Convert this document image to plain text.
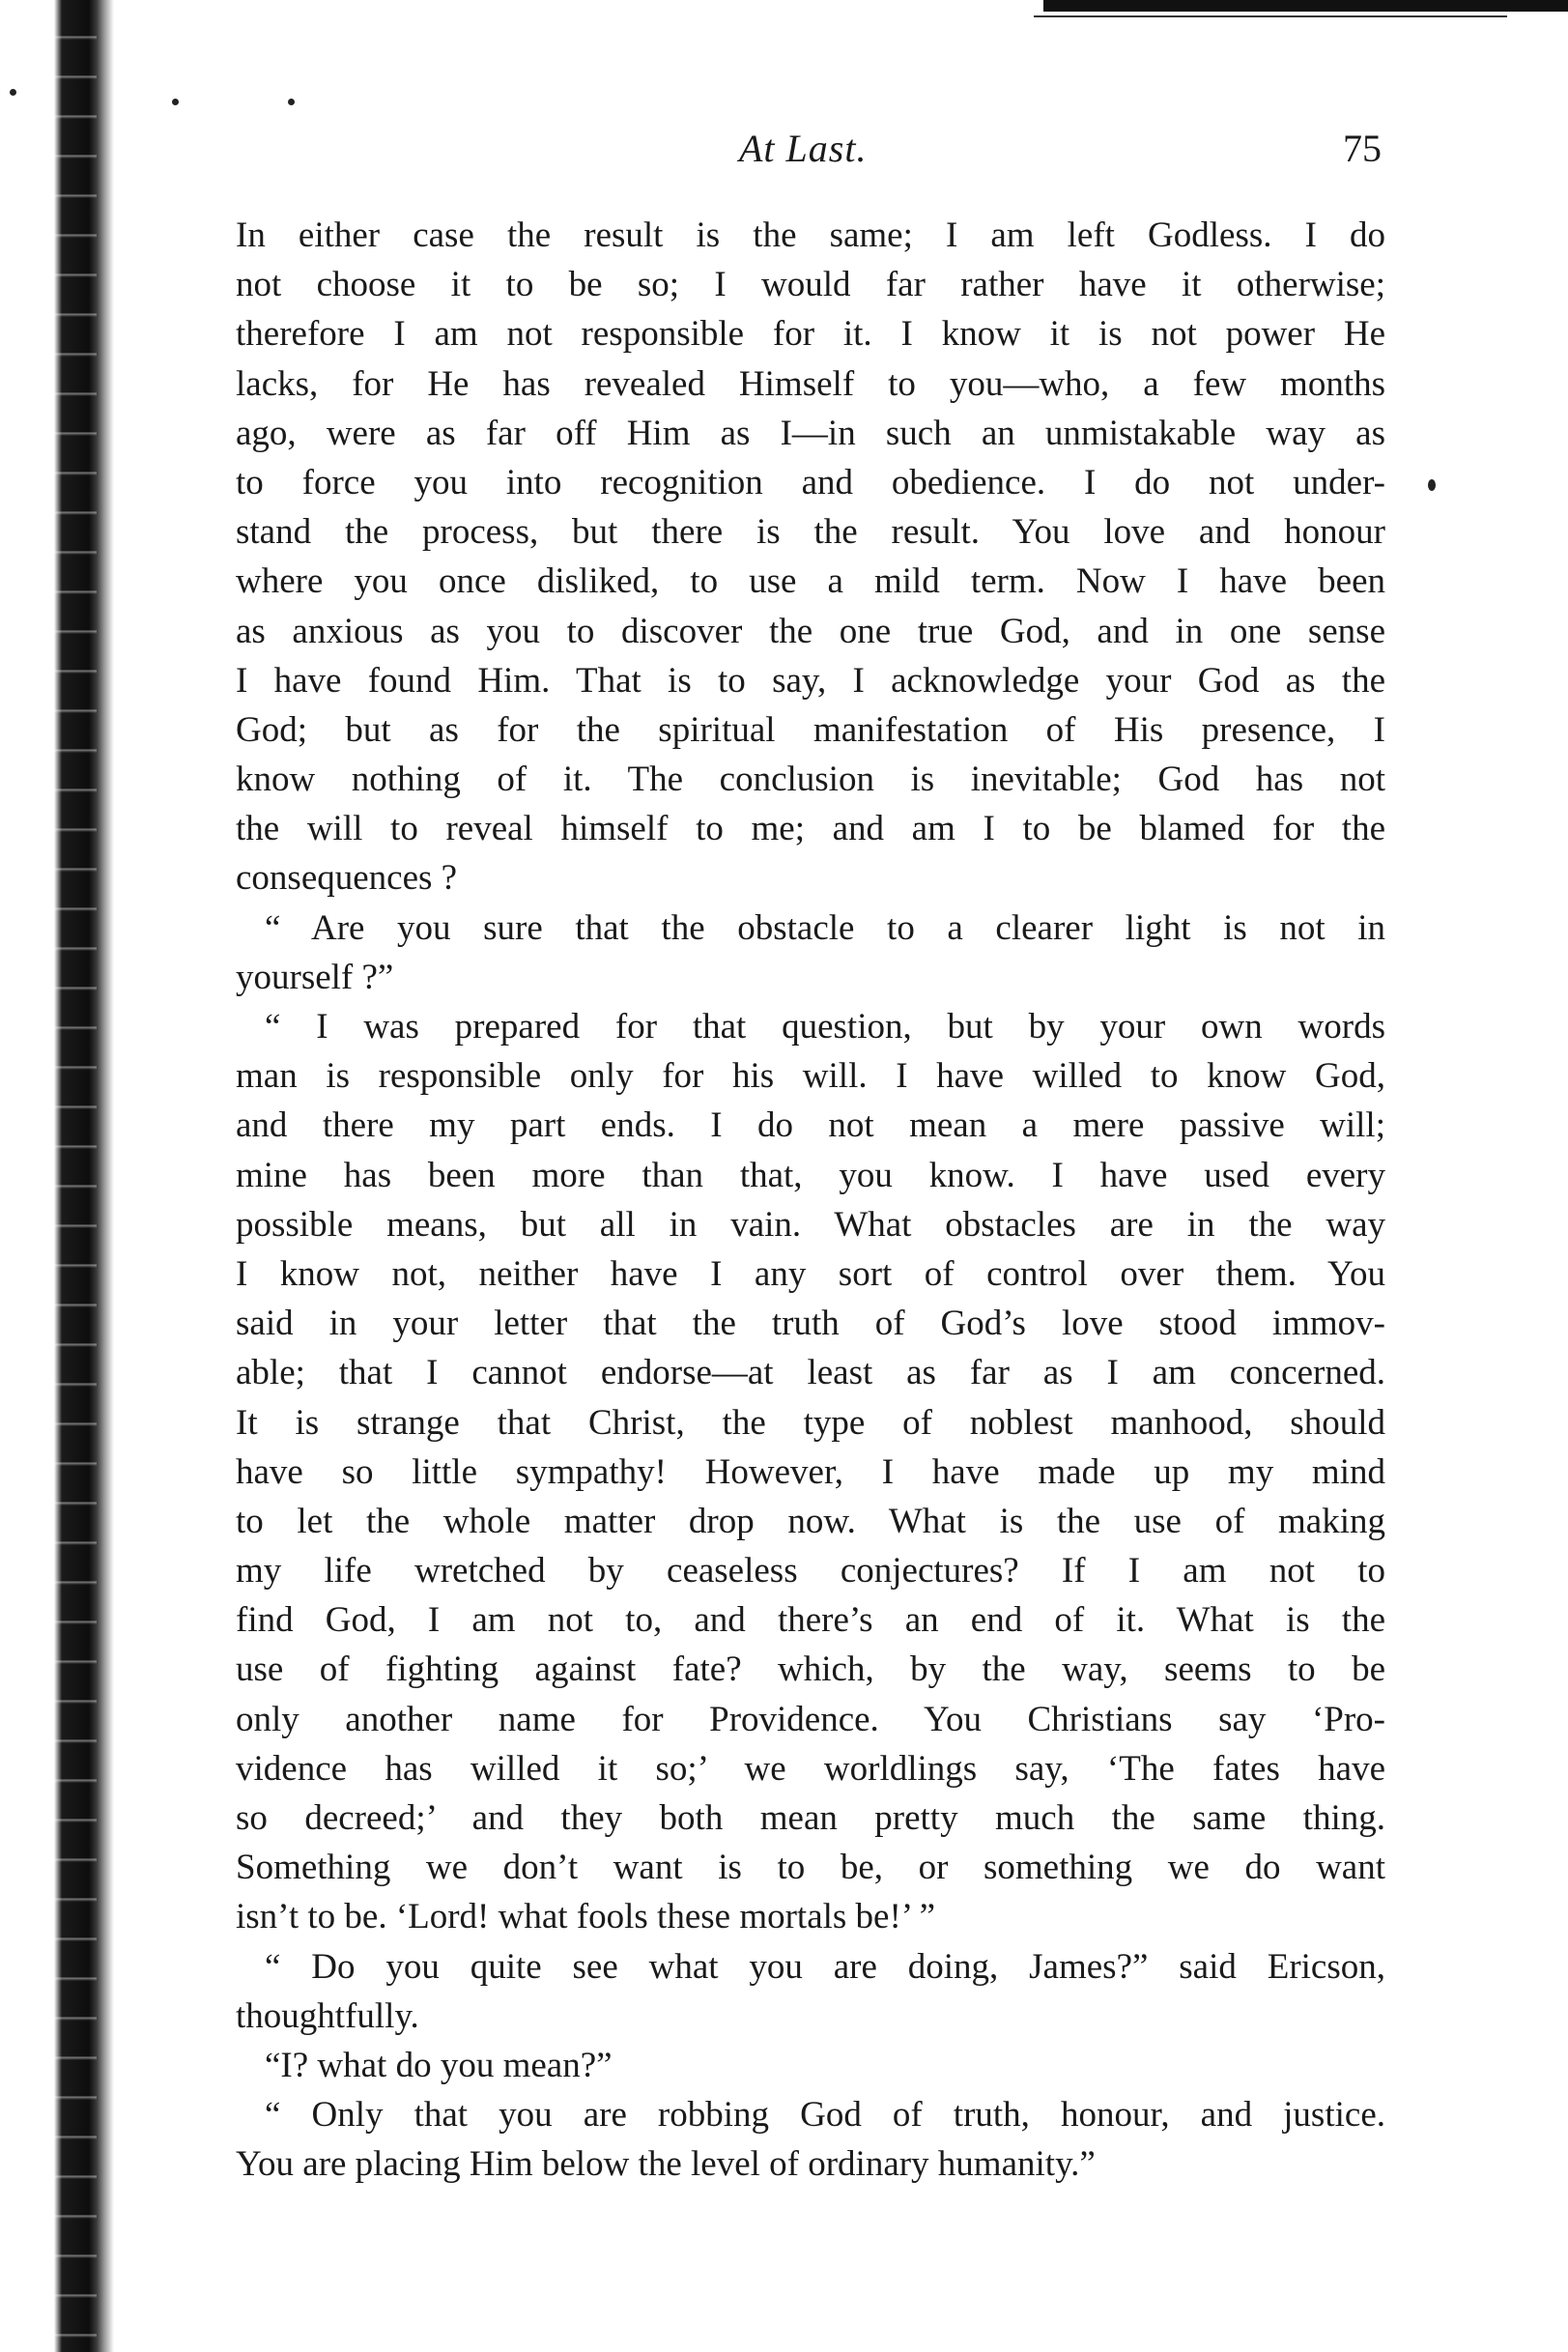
At Last.	75
In either case the result is the same; I am left Godless. I do
not choose it to be so; I would far rather have it otherwise;
therefore I am not responsible for it. I know it is not power He
lacks, for He has revealed Himself to you—who, a few months
ago, were as far off Him as I—in such an unmistakable way as
to force you into recognition and obedience. I do not under-
stand the process, but there is the result. You love and honour
where you once disliked, to use a mild term. Now I have been
as anxious as you to discover the one true God, and in one sense
I have found Him. That is to say, I acknowledge your God as the
God; but as for the spiritual manifestation of His presence, I
know nothing of it. The conclusion is inevitable; God has not
the will to reveal himself to me; and am I to be blamed for the
consequences ?
“ Are you sure that the obstacle to a clearer light is not in
yourself ?”
“ I was prepared for that question, but by your own words
man is responsible only for his will. I have willed to know God,
and there my part ends. I do not mean a mere passive will;
mine has been more than that, you know. I have used every
possible means, but all in vain. What obstacles are in the way
I know not, neither have I any sort of control over them. You
said in your letter that the truth of God’s love stood immov-
able; that I cannot endorse—at least as far as I am concerned.
It is strange that Christ, the type of noblest manhood, should
have so little sympathy! However, I have made up my mind
to let the whole matter drop now. What is the use of making
my life wretched by ceaseless conjectures? If I am not to
find God, I am not to, and there’s an end of it. What is the
use of fighting against fate? which, by the way, seems to be
only another name for Providence. You Christians say ‘Pro-
vidence has willed it so;’ we worldlings say, ‘The fates have
so decreed;’ and they both mean pretty much the same thing.
Something we don’t want is to be, or something we do want
isn’t to be. ‘Lord! what fools these mortals be!’ ”
“ Do you quite see what you are doing, James?” said Ericson,
thoughtfully.
“I? what do you mean?”
“ Only that you are robbing God of truth, honour, and justice.
You are placing Him below the level of ordinary humanity.”
